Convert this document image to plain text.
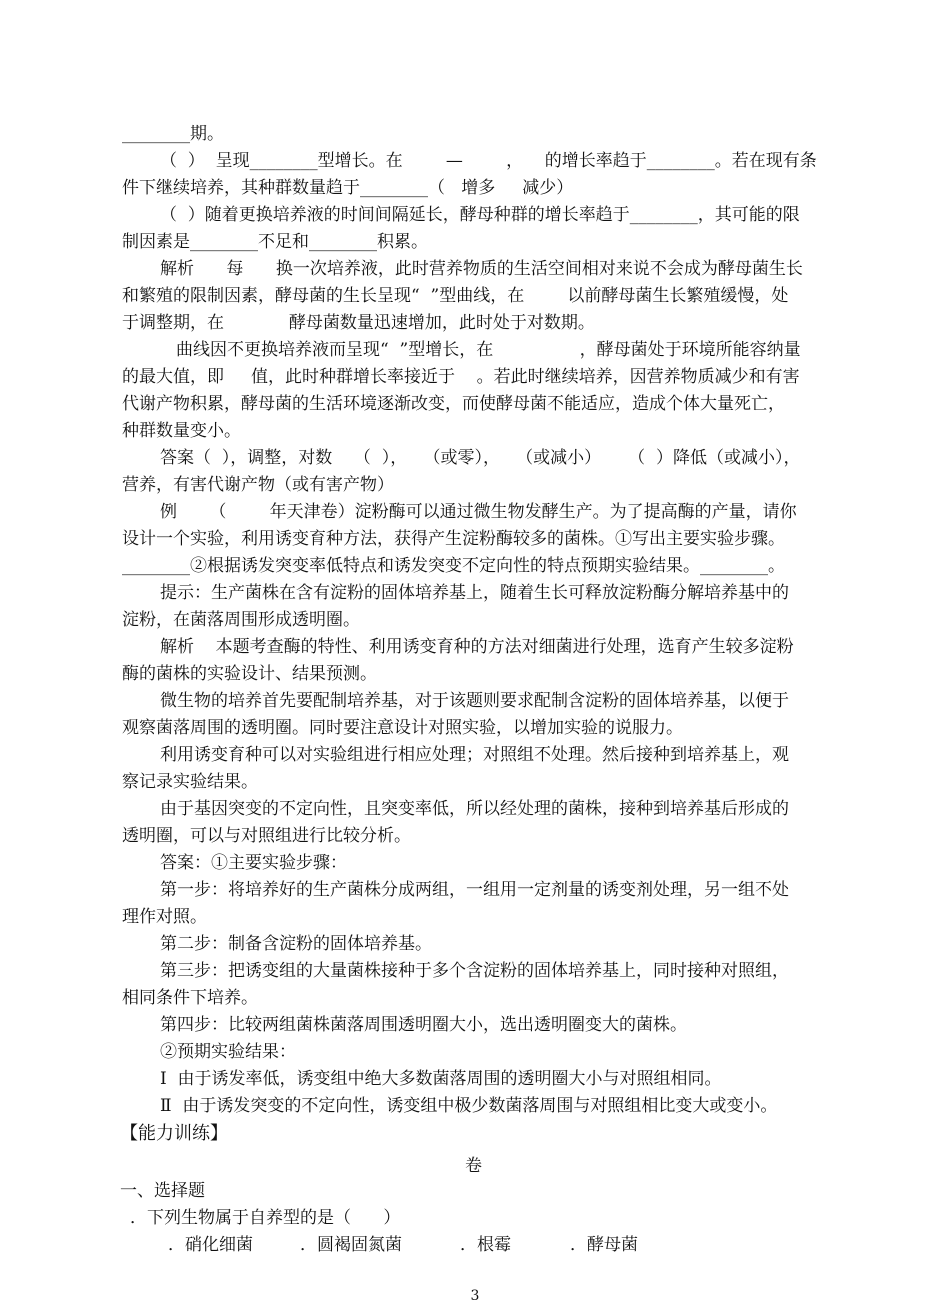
________期。
（  ）  呈现________型增长。在        —        ，    的增长率趋于________。若在现有条
件下继续培养，其种群数量趋于________（   增多     减少）
（  ）随着更换培养液的时间间隔延长，酵母种群的增长率趋于________，其可能的限
制因素是________不足和________积累。
解析      每      换一次培养液，此时营养物质的生活空间相对来说不会成为酵母菌生长
和繁殖的限制因素，酵母菌的生长呈现“  ”型曲线，在        以前酵母菌生长繁殖缓慢，处
于调整期，在            酵母菌数量迅速增加，此时处于对数期。
曲线因不更换培养液而呈现“  ”型增长，在                ，酵母菌处于环境所能容纳量
的最大值，即     值，此时种群增长率接近于    。若此时继续培养，因营养物质减少和有害
代谢产物积累，酵母菌的生活环境逐渐改变，而使酵母菌不能适应，造成个体大量死亡，
种群数量变小。
答案（  ），调整，对数    （  ），   （或零），   （或减小）     （  ）降低（或减小），
营养，有害代谢产物（或有害产物）
例      （        年天津卷）淀粉酶可以通过微生物发酵生产。为了提高酶的产量，请你
设计一个实验，利用诱变育种方法，获得产生淀粉酶较多的菌株。①写出主要实验步骤。
________②根据诱发突变率低特点和诱发突变不定向性的特点预期实验结果。________。
提示：生产菌株在含有淀粉的固体培养基上，随着生长可释放淀粉酶分解培养基中的
淀粉，在菌落周围形成透明圈。
解析    本题考查酶的特性、利用诱变育种的方法对细菌进行处理，选育产生较多淀粉
酶的菌株的实验设计、结果预测。
微生物的培养首先要配制培养基，对于该题则要求配制含淀粉的固体培养基，以便于
观察菌落周围的透明圈。同时要注意设计对照实验，以增加实验的说服力。
利用诱变育种可以对实验组进行相应处理；对照组不处理。然后接种到培养基上，观
察记录实验结果。
由于基因突变的不定向性，且突变率低，所以经处理的菌株，接种到培养基后形成的
透明圈，可以与对照组进行比较分析。
答案：①主要实验步骤：
第一步：将培养好的生产菌株分成两组，一组用一定剂量的诱变剂处理，另一组不处
理作对照。
第二步：制备含淀粉的固体培养基。
第三步：把诱变组的大量菌株接种于多个含淀粉的固体培养基上，同时接种对照组，
相同条件下培养。
第四步：比较两组菌株菌落周围透明圈大小，选出透明圈变大的菌株。
②预期实验结果：
Ⅰ  由于诱发率低，诱变组中绝大多数菌落周围的透明圈大小与对照组相同。
Ⅱ  由于诱发突变的不定向性，诱变组中极少数菌落周围与对照组相比变大或变小。
【能力训练】
卷
一、选择题
．下列生物属于自养型的是（      ）
．硝化细菌	．圆褐固氮菌	．根霉	．酵母菌
3
